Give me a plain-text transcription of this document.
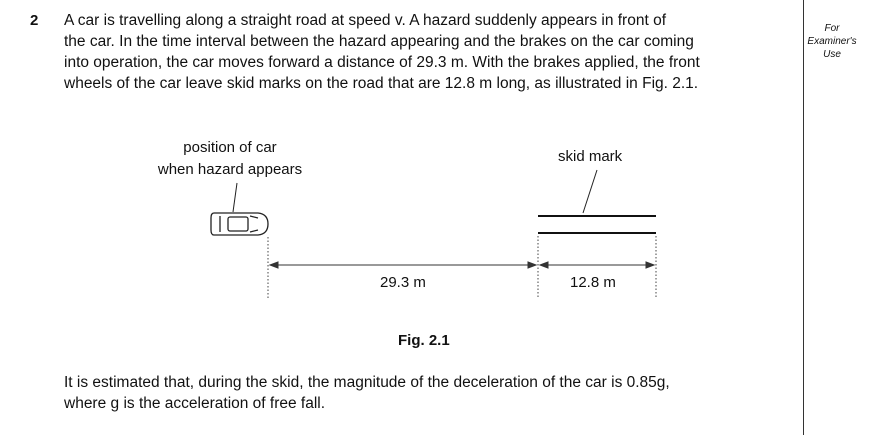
2 A car is travelling along a straight road at speed v. A hazard suddenly appears in front of
the car. In the time interval between the hazard appearing and the brakes on the car coming
into operation, the car moves forward a distance of 29.3 m. With the brakes applied, the front
wheels of the car leave skid marks on the road that are 12.8 m long, as illustrated in Fig. 2.1.

For
Examiner's
Use
position of car
when hazard appears
skid mark
29.3 m	12.8 m
Fig. 2.1

It is estimated that, during the skid, the magnitude of the deceleration of the car is 0.85g,
where g is the acceleration of free fall.
